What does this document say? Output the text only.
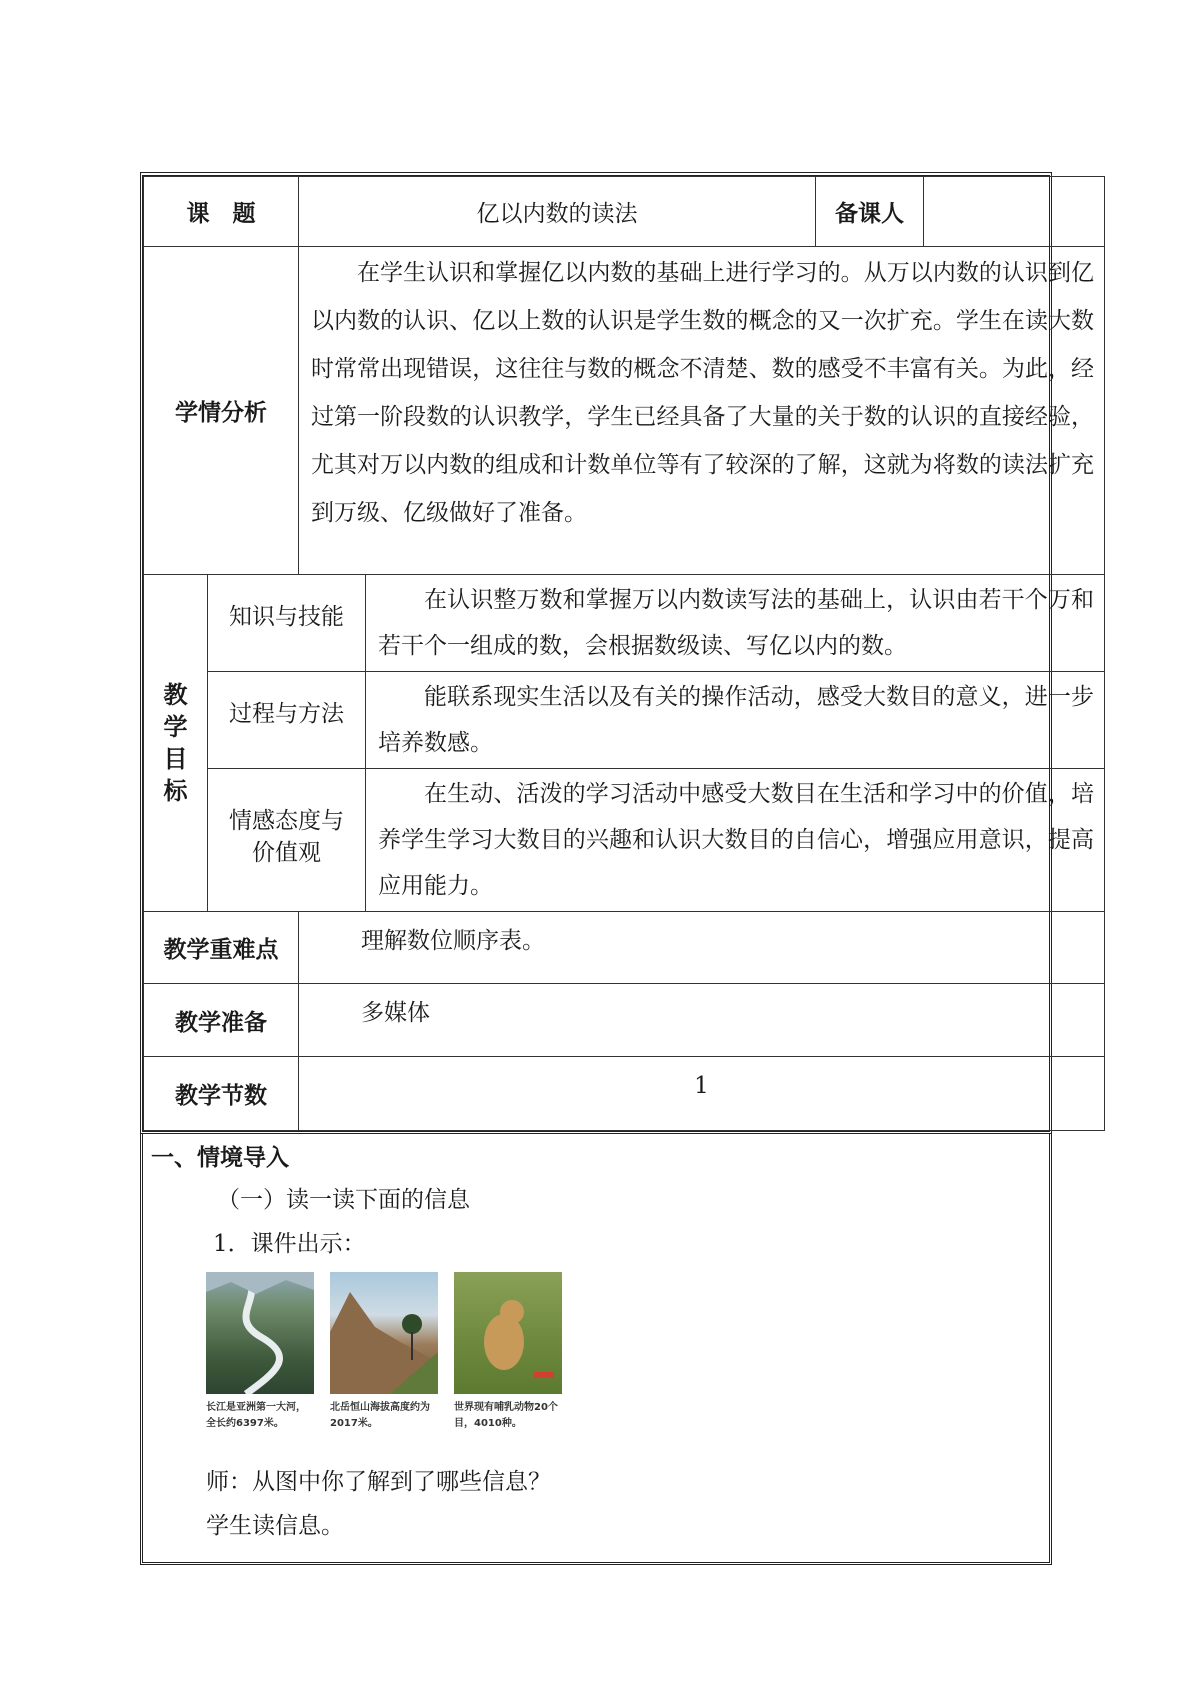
课　题		亿以内数的读法		备课人	
学情分析		在学生认识和掌握亿以内数的基础上进行学习的。从万以内数的认识到亿以内数的认识、亿以上数的认识是学生数的概念的又一次扩充。学生在读大数时常常出现错误，这往往与数的概念不清楚、数的感受不丰富有关。为此，经过第一阶段数的认识教学，学生已经具备了大量的关于数的认识的直接经验，尤其对万以内数的组成和计数单位等有了较深的了解，这就为将数的读法扩充到万级、亿级做好了准备。			

教
学
目
标	知识与技能		在认识整万数和掌握万以内数读写法的基础上，认识由若干个万和若干个一组成的数，会根据数级读、写亿以内的数。		
	过程与方法		能联系现实生活以及有关的操作活动，感受大数目的意义，进一步培养数感。		
	情感态度与价值观		在生动、活泼的学习活动中感受大数目在生活和学习中的价值，培养学生学习大数目的兴趣和认识大数目的自信心，增强应用意识，提高应用能力。		
教学重难点		理解数位顺序表。			
教学准备		多媒体			
教学节数		1			
一、情境导入
（一）读一读下面的信息
1．课件出示：
长江是亚洲第一大河，全长约6397米。
北岳恒山海拔高度约为2017米。
世界现有哺乳动物20个目，4010种。
师：从图中你了解到了哪些信息？
学生读信息。
